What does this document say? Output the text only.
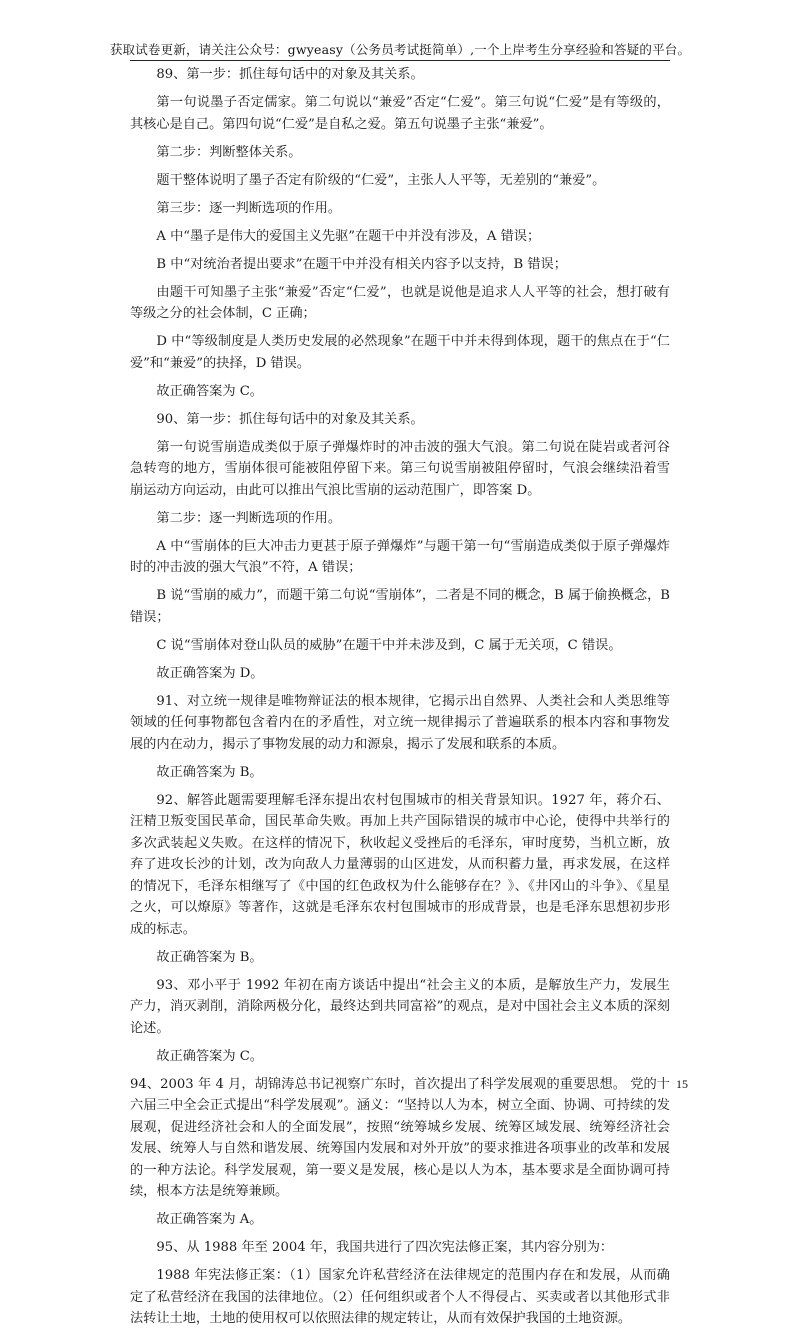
获取试卷更新，请关注公众号：gwyeasy（公务员考试挺简单）,一个上岸考生分享经验和答疑的平台。

89、第一步：抓住每句话中的对象及其关系。

第一句说墨子否定儒家。第二句说以“兼爱”否定“仁爱”。第三句说“仁爱”是有等级的，其核心是自己。第四句说“仁爱”是自私之爱。第五句说墨子主张“兼爱”。

第二步：判断整体关系。

题干整体说明了墨子否定有阶级的“仁爱”，主张人人平等，无差别的“兼爱”。

第三步：逐一判断选项的作用。

A 中“墨子是伟大的爱国主义先驱”在题干中并没有涉及，A 错误；

B 中“对统治者提出要求”在题干中并没有相关内容予以支持，B 错误；

由题干可知墨子主张“兼爱”否定“仁爱”，也就是说他是追求人人平等的社会，想打破有等级之分的社会体制，C 正确；

D 中“等级制度是人类历史发展的必然现象”在题干中并未得到体现，题干的焦点在于“仁爱”和“兼爱”的抉择，D 错误。

故正确答案为 C。

90、第一步：抓住每句话中的对象及其关系。

第一句说雪崩造成类似于原子弹爆炸时的冲击波的强大气浪。第二句说在陡岩或者河谷急转弯的地方，雪崩体很可能被阻停留下来。第三句说雪崩被阻停留时，气浪会继续沿着雪崩运动方向运动，由此可以推出气浪比雪崩的运动范围广，即答案 D。

第二步：逐一判断选项的作用。

A 中“雪崩体的巨大冲击力更甚于原子弹爆炸”与题干第一句“雪崩造成类似于原子弹爆炸时的冲击波的强大气浪”不符，A 错误；

B 说“雪崩的威力”，而题干第二句说“雪崩体”，二者是不同的概念，B 属于偷换概念，B 错误；

C 说“雪崩体对登山队员的威胁”在题干中并未涉及到，C 属于无关项，C 错误。

故正确答案为 D。

91、对立统一规律是唯物辩证法的根本规律，它揭示出自然界、人类社会和人类思维等领域的任何事物都包含着内在的矛盾性，对立统一规律揭示了普遍联系的根本内容和事物发展的内在动力，揭示了事物发展的动力和源泉，揭示了发展和联系的本质。

故正确答案为 B。

92、解答此题需要理解毛泽东提出农村包围城市的相关背景知识。1927 年，蒋介石、汪精卫叛变国民革命，国民革命失败。再加上共产国际错误的城市中心论，使得中共举行的多次武装起义失败。在这样的情况下，秋收起义受挫后的毛泽东，审时度势，当机立断，放弃了进攻长沙的计划，改为向敌人力量薄弱的山区进发，从而积蓄力量，再求发展，在这样的情况下，毛泽东相继写了《中国的红色政权为什么能够存在？》、《井冈山的斗争》、《星星之火，可以燎原》等著作，这就是毛泽东农村包围城市的形成背景，也是毛泽东思想初步形成的标志。

故正确答案为 B。

93、邓小平于 1992 年初在南方谈话中提出“社会主义的本质，是解放生产力，发展生产力，消灭剥削，消除两极分化，最终达到共同富裕”的观点，是对中国社会主义本质的深刻论述。

故正确答案为 C。

94、2003 年 4 月，胡锦涛总书记视察广东时，首次提出了科学发展观的重要思想。 党的十六届三中全会正式提出“科学发展观”。涵义：“坚持以人为本，树立全面、协调、可持续的发展观，促进经济社会和人的全面发展”，按照“统筹城乡发展、统筹区域发展、统筹经济社会发展、统筹人与自然和谐发展、统筹国内发展和对外开放”的要求推进各项事业的改革和发展的一种方法论。科学发展观，第一要义是发展，核心是以人为本，基本要求是全面协调可持续，根本方法是统筹兼顾。

故正确答案为 A。

95、从 1988 年至 2004 年，我国共进行了四次宪法修正案，其内容分别为：

1988 年宪法修正案：（1）国家允许私营经济在法律规定的范围内存在和发展，从而确定了私营经济在我国的法律地位。（2）任何组织或者个人不得侵占、买卖或者以其他形式非法转让土地，土地的使用权可以依照法律的规定转让，从而有效保护我国的土地资源。

15
